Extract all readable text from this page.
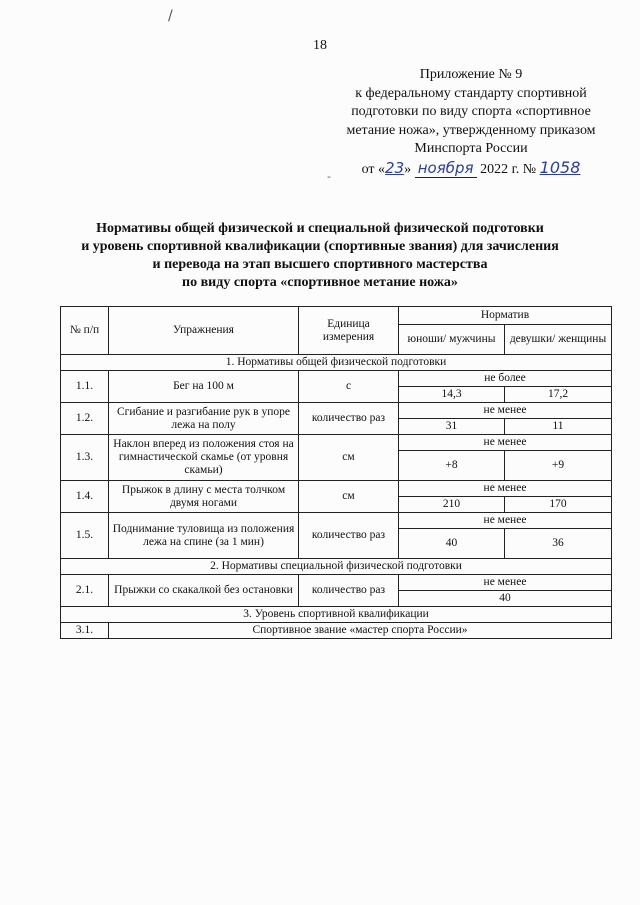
/
-
18
Приложение № 9
к федеральному стандарту спортивной
подготовки по виду спорта «спортивное
метание ножа», утвержденному приказом
Минспорта России
от «23» ноября 2022 г. № 1058
Нормативы общей физической и специальной физической подготовки
и уровень спортивной квалификации (спортивные звания) для зачисления
и перевода на этап высшего спортивного мастерства
по виду спорта «спортивное метание ножа»
№ п/п	Упражнения	Единица измерения	Норматив	
			юноши/ мужчины	девушки/ женщины
1. Нормативы общей физической подготовки				
1.1.	Бег на 100 м	с	не более	
			14,3	17,2
1.2.	Сгибание и разгибание рук в упоре лежа на полу	количество раз	не менее	
			31	11
1.3.	Наклон вперед из положения стоя на гимнастической скамье (от уровня скамьи)	см	не менее	
			+8	+9
1.4.	Прыжок в длину с места толчком двумя ногами	см	не менее	
			210	170
1.5.	Поднимание туловища из положения лежа на спине (за 1 мин)	количество раз	не менее	
			40	36
2. Нормативы специальной физической подготовки				
2.1.	Прыжки со скакалкой без остановки	количество раз	не менее	
			40	
3. Уровень спортивной квалификации				
3.1.	Спортивное звание «мастер спорта России»			
